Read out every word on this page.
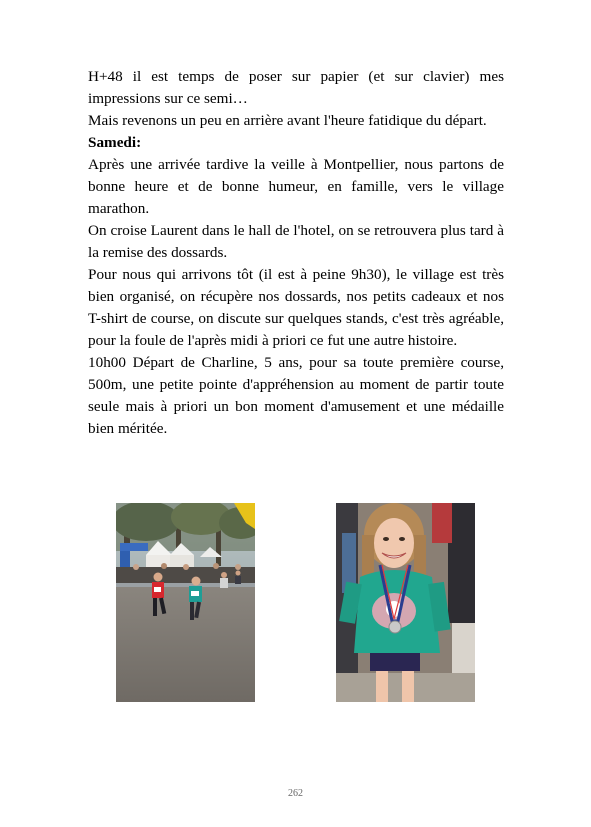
H+48 il est temps de poser sur papier (et sur clavier) mes impressions sur ce semi…

Mais revenons un peu en arrière avant l'heure fatidique du départ.

Samedi:

Après une arrivée tardive la veille à Montpellier, nous partons de bonne heure et de bonne humeur, en famille, vers le village marathon.

On croise Laurent dans le hall de l'hotel, on se retrouvera plus tard à la remise des dossards.

Pour nous qui arrivons tôt (il est à peine 9h30), le village est très bien organisé, on récupère nos dossards, nos petits cadeaux et nos T-shirt de course, on discute sur quelques stands, c'est très agréable, pour la foule de l'après midi à priori ce fut une autre histoire.

10h00 Départ de Charline, 5 ans, pour sa toute première course, 500m, une petite pointe d'appréhension au moment de partir toute seule mais à priori un bon moment d'amusement et une médaille bien méritée.

262
